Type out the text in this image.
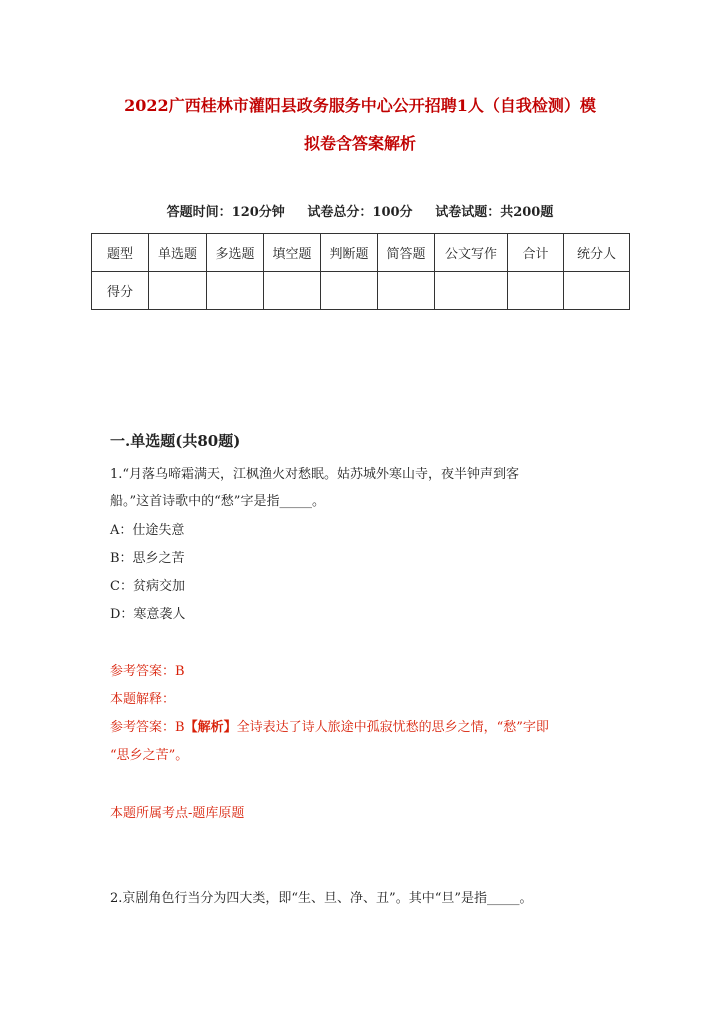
2022广西桂林市灌阳县政务服务中心公开招聘1人（自我检测）模
拟卷含答案解析
答题时间：120分钟     试卷总分：100分     试卷试题：共200题
题型	单选题	多选题	填空题	判断题	简答题	公文写作	合计	统分人
得分								
一.单选题(共80题)
1.“月落乌啼霜满天，江枫渔火对愁眠。姑苏城外寒山寺，夜半钟声到客
船。”这首诗歌中的“愁”字是指_____。
A：仕途失意
B：思乡之苦
C：贫病交加
D：寒意袭人
参考答案：B
本题解释：
参考答案：B【解析】全诗表达了诗人旅途中孤寂忧愁的思乡之情，“愁”字即
“思乡之苦”。
本题所属考点-题库原题
2.京剧角色行当分为四大类，即“生、旦、净、丑”。其中“旦”是指_____。
